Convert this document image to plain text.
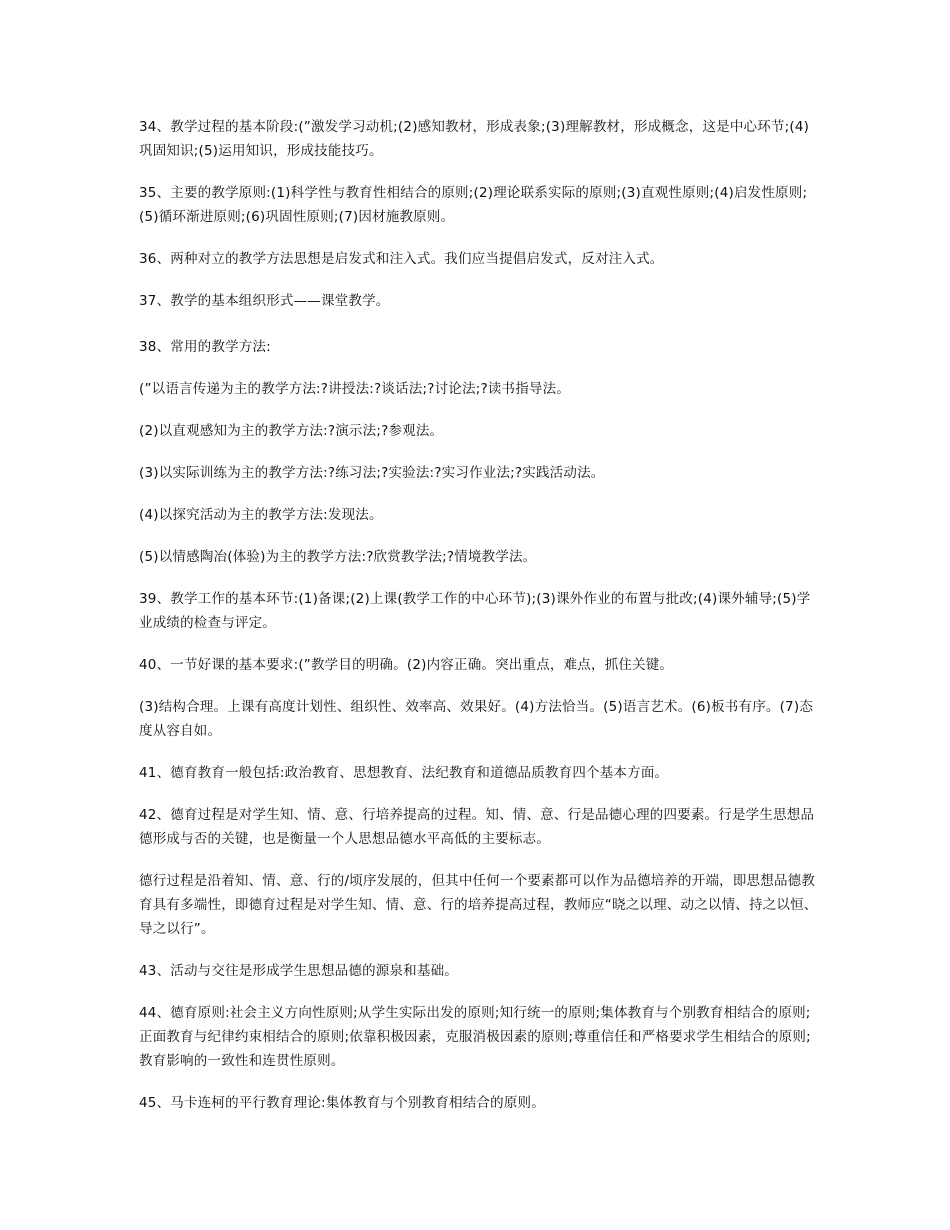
34、教学过程的基本阶段:(”激发学习动机;(2)感知教材，形成表象;(3)理解教材，形成概念，这是中心环节;(4)巩固知识;(5)运用知识，形成技能技巧。

35、主要的教学原则:(1)科学性与教育性相结合的原则;(2)理论联系实际的原则;(3)直观性原则;(4)启发性原则;(5)循环渐进原则;(6)巩固性原则;(7)因材施教原则。

36、两种对立的教学方法思想是启发式和注入式。我们应当提倡启发式，反对注入式。

37、教学的基本组织形式——课堂教学。

38、常用的教学方法:

(”以语言传递为主的教学方法:?讲授法:?谈话法;?讨论法;?读书指导法。

(2)以直观感知为主的教学方法:?演示法;?参观法。

(3)以实际训练为主的教学方法:?练习法;?实验法:?实习作业法;?实践活动法。

(4)以探究活动为主的教学方法:发现法。

(5)以情感陶冶(体验)为主的教学方法:?欣赏教学法;?情境教学法。

39、教学工作的基本环节:(1)备课;(2)上课(教学工作的中心环节);(3)课外作业的布置与批改;(4)课外辅导;(5)学业成绩的检查与评定。

40、一节好课的基本要求:(”教学目的明确。(2)内容正确。突出重点，难点，抓住关键。

(3)结构合理。上课有高度计划性、组织性、效率高、效果好。(4)方法恰当。(5)语言艺术。(6)板书有序。(7)态度从容自如。

41、德育教育一般包括:政治教育、思想教育、法纪教育和道德品质教育四个基本方面。

42、德育过程是对学生知、情、意、行培养提高的过程。知、情、意、行是品德心理的四要素。行是学生思想品德形成与否的关键，也是衡量一个人思想品德水平高低的主要标志。

德行过程是沿着知、情、意、行的/顷序发展的，但其中任何一个要素都可以作为品德培养的开端，即思想品德教育具有多端性，即德育过程是对学生知、情、意、行的培养提高过程，教师应“晓之以理、动之以情、持之以恒、导之以行”。

43、活动与交往是形成学生思想品德的源泉和基础。

44、德育原则:社会主义方向性原则;从学生实际出发的原则;知行统一的原则;集体教育与个别教育相结合的原则;正面教育与纪律约束相结合的原则;依靠积极因素，克服消极因素的原则;尊重信任和严格要求学生相结合的原则;教育影响的一致性和连贯性原则。

45、马卡连柯的平行教育理论:集体教育与个别教育相结合的原则。
